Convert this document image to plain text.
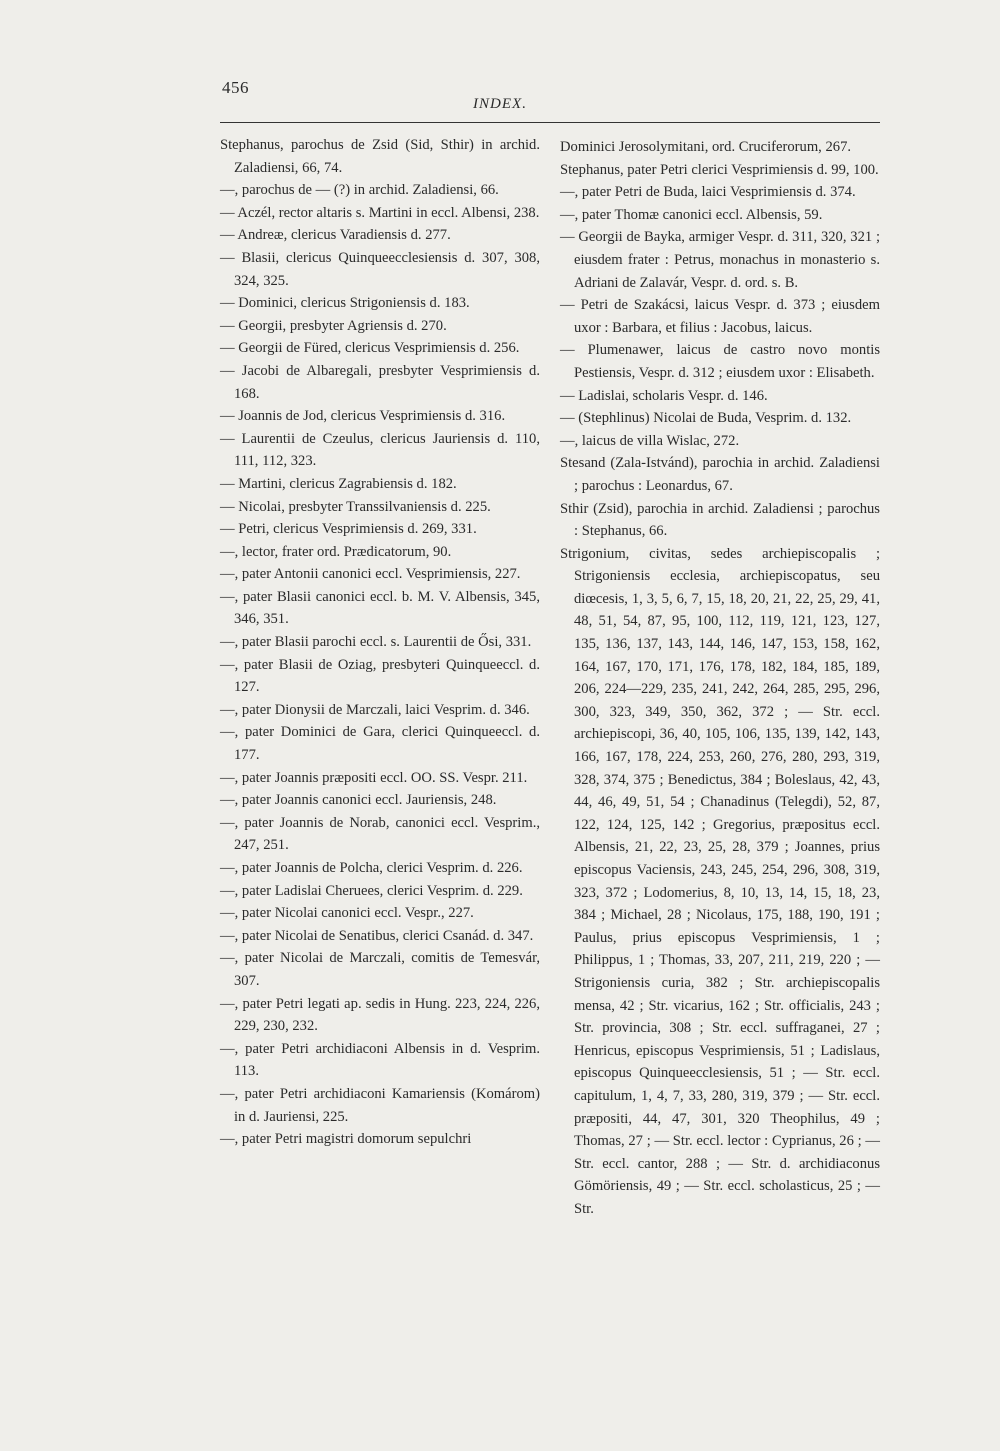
456
INDEX.

Stephanus, parochus de Zsid (Sid, Sthir) in archid. Zaladiensi, 66, 74.

—, parochus de — (?) in archid. Zaladiensi, 66.

— Aczél, rector altaris s. Martini in eccl. Albensi, 238.

— Andreæ, clericus Varadiensis d. 277.

— Blasii, clericus Quinqueecclesiensis d. 307, 308, 324, 325.

— Dominici, clericus Strigoniensis d. 183.

— Georgii, presbyter Agriensis d. 270.

— Georgii de Füred, clericus Vesprimiensis d. 256.

— Jacobi de Albaregali, presbyter Vesprimiensis d. 168.

— Joannis de Jod, clericus Vesprimiensis d. 316.

— Laurentii de Czeulus, clericus Jauriensis d. 110, 111, 112, 323.

— Martini, clericus Zagrabiensis d. 182.

— Nicolai, presbyter Transsilvaniensis d. 225.

— Petri, clericus Vesprimiensis d. 269, 331.

—, lector, frater ord. Prædicatorum, 90.

—, pater Antonii canonici eccl. Vesprimiensis, 227.

—, pater Blasii canonici eccl. b. M. V. Albensis, 345, 346, 351.

—, pater Blasii parochi eccl. s. Laurentii de Ősi, 331.

—, pater Blasii de Oziag, presbyteri Quinqueeccl. d. 127.

—, pater Dionysii de Marczali, laici Vesprim. d. 346.

—, pater Dominici de Gara, clerici Quinqueeccl. d. 177.

—, pater Joannis præpositi eccl. OO. SS. Vespr. 211.

—, pater Joannis canonici eccl. Jauriensis, 248.

—, pater Joannis de Norab, canonici eccl. Vesprim., 247, 251.

—, pater Joannis de Polcha, clerici Vesprim. d. 226.

—, pater Ladislai Cheruees, clerici Vesprim. d. 229.

—, pater Nicolai canonici eccl. Vespr., 227.

—, pater Nicolai de Senatibus, clerici Csanád. d. 347.

—, pater Nicolai de Marczali, comitis de Temesvár, 307.

—, pater Petri legati ap. sedis in Hung. 223, 224, 226, 229, 230, 232.

—, pater Petri archidiaconi Albensis in d. Vesprim. 113.

—, pater Petri archidiaconi Kamariensis (Komárom) in d. Jauriensi, 225.

—, pater Petri magistri domorum sepulchri

Dominici Jerosolymitani, ord. Cruciferorum, 267.

Stephanus, pater Petri clerici Vesprimiensis d. 99, 100.

—, pater Petri de Buda, laici Vesprimiensis d. 374.

—, pater Thomæ canonici eccl. Albensis, 59.

— Georgii de Bayka, armiger Vespr. d. 311, 320, 321 ; eiusdem frater : Petrus, monachus in monasterio s. Adriani de Zalavár, Vespr. d. ord. s. B.

— Petri de Szakácsi, laicus Vespr. d. 373 ; eiusdem uxor : Barbara, et filius : Jacobus, laicus.

— Plumenawer, laicus de castro novo montis Pestiensis, Vespr. d. 312 ; eiusdem uxor : Elisabeth.

— Ladislai, scholaris Vespr. d. 146.

— (Stephlinus) Nicolai de Buda, Vesprim. d. 132.

—, laicus de villa Wislac, 272.

Stesand (Zala-Istvánd), parochia in archid. Zaladiensi ; parochus : Leonardus, 67.

Sthir (Zsid), parochia in archid. Zaladiensi ; parochus : Stephanus, 66.

Strigonium, civitas, sedes archiepiscopalis ; Strigoniensis ecclesia, archiepiscopatus, seu diœcesis, 1, 3, 5, 6, 7, 15, 18, 20, 21, 22, 25, 29, 41, 48, 51, 54, 87, 95, 100, 112, 119, 121, 123, 127, 135, 136, 137, 143, 144, 146, 147, 153, 158, 162, 164, 167, 170, 171, 176, 178, 182, 184, 185, 189, 206, 224—229, 235, 241, 242, 264, 285, 295, 296, 300, 323, 349, 350, 362, 372 ; — Str. eccl. archiepiscopi, 36, 40, 105, 106, 135, 139, 142, 143, 166, 167, 178, 224, 253, 260, 276, 280, 293, 319, 328, 374, 375 ; Benedictus, 384 ; Boleslaus, 42, 43, 44, 46, 49, 51, 54 ; Chanadinus (Telegdi), 52, 87, 122, 124, 125, 142 ; Gregorius, præpositus eccl. Albensis, 21, 22, 23, 25, 28, 379 ; Joannes, prius episcopus Vaciensis, 243, 245, 254, 296, 308, 319, 323, 372 ; Lodomerius, 8, 10, 13, 14, 15, 18, 23, 384 ; Michael, 28 ; Nicolaus, 175, 188, 190, 191 ; Paulus, prius episcopus Vesprimiensis, 1 ; Philippus, 1 ; Thomas, 33, 207, 211, 219, 220 ; — Strigoniensis curia, 382 ; Str. archiepiscopalis mensa, 42 ; Str. vicarius, 162 ; Str. officialis, 243 ; Str. provincia, 308 ; Str. eccl. suffraganei, 27 ; Henricus, episcopus Vesprimiensis, 51 ; Ladislaus, episcopus Quinqueecclesiensis, 51 ; — Str. eccl. capitulum, 1, 4, 7, 33, 280, 319, 379 ; — Str. eccl. præpositi, 44, 47, 301, 320 Theophilus, 49 ; Thomas, 27 ; — Str. eccl. lector : Cyprianus, 26 ; — Str. eccl. cantor, 288 ; — Str. d. archidiaconus Gömöriensis, 49 ; — Str. eccl. scholasticus, 25 ; — Str.
